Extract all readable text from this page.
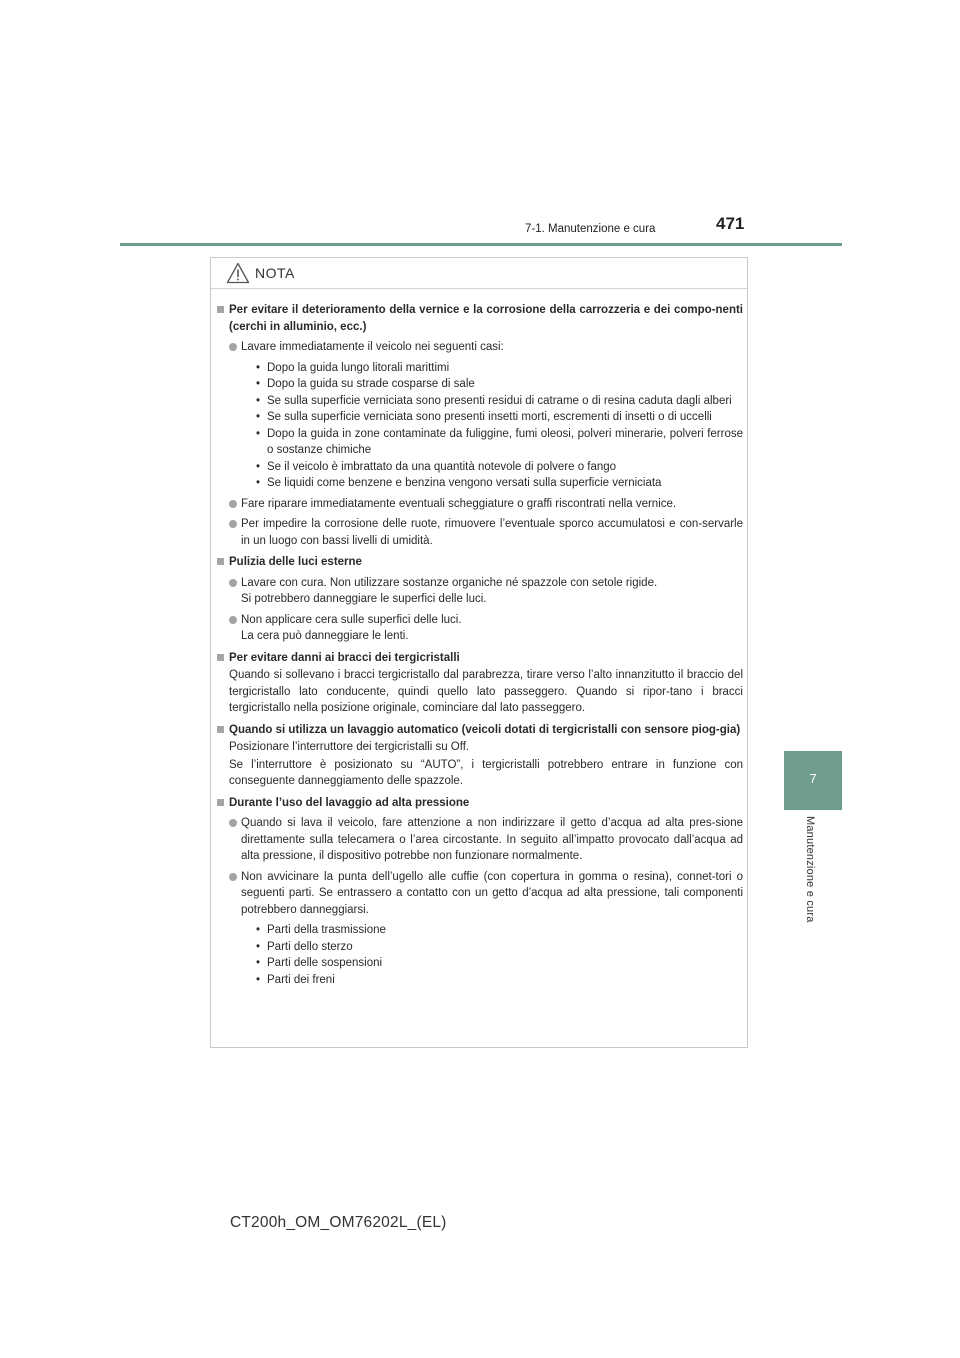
7-1. Manutenzione e cura	471
7
Manutenzione e cura
NOTA
Per evitare il deterioramento della vernice e la corrosione della carrozzeria e dei compo-nenti (cerchi in alluminio, ecc.)
Lavare immediatamente il veicolo nei seguenti casi:
• Dopo la guida lungo litorali marittimi
• Dopo la guida su strade cosparse di sale
• Se sulla superficie verniciata sono presenti residui di catrame o di resina caduta dagli alberi
• Se sulla superficie verniciata sono presenti insetti morti, escrementi di insetti o di uccelli
• Dopo la guida in zone contaminate da fuliggine, fumi oleosi, polveri minerarie, polveri ferrose o sostanze chimiche
• Se il veicolo è imbrattato da una quantità notevole di polvere o fango
• Se liquidi come benzene e benzina vengono versati sulla superficie verniciata
Fare riparare immediatamente eventuali scheggiature o graffi riscontrati nella vernice.
Per impedire la corrosione delle ruote, rimuovere l’eventuale sporco accumulatosi e con-servarle in un luogo con bassi livelli di umidità.
Pulizia delle luci esterne
Lavare con cura. Non utilizzare sostanze organiche né spazzole con setole rigide.
Si potrebbero danneggiare le superfici delle luci.
Non applicare cera sulle superfici delle luci.
La cera può danneggiare le lenti.
Per evitare danni ai bracci dei tergicristalli
Quando si sollevano i bracci tergicristallo dal parabrezza, tirare verso l’alto innanzitutto il braccio del tergicristallo lato conducente, quindi quello lato passeggero. Quando si ripor-tano i bracci tergicristallo nella posizione originale, cominciare dal lato passeggero.
Quando si utilizza un lavaggio automatico (veicoli dotati di tergicristalli con sensore piog-gia)
Posizionare l’interruttore dei tergicristalli su Off.
Se l’interruttore è posizionato su “AUTO”, i tergicristalli potrebbero entrare in funzione con conseguente danneggiamento delle spazzole.
Durante l’uso del lavaggio ad alta pressione
Quando si lava il veicolo, fare attenzione a non indirizzare il getto d’acqua ad alta pres-sione direttamente sulla telecamera o l’area circostante. In seguito all’impatto provocato dall’acqua ad alta pressione, il dispositivo potrebbe non funzionare normalmente.
Non avvicinare la punta dell’ugello alle cuffie (con copertura in gomma o resina), connet-tori o seguenti parti. Se entrassero a contatto con un getto d’acqua ad alta pressione, tali componenti potrebbero danneggiarsi.
• Parti della trasmissione
• Parti dello sterzo
• Parti delle sospensioni
• Parti dei freni
CT200h_OM_OM76202L_(EL)
